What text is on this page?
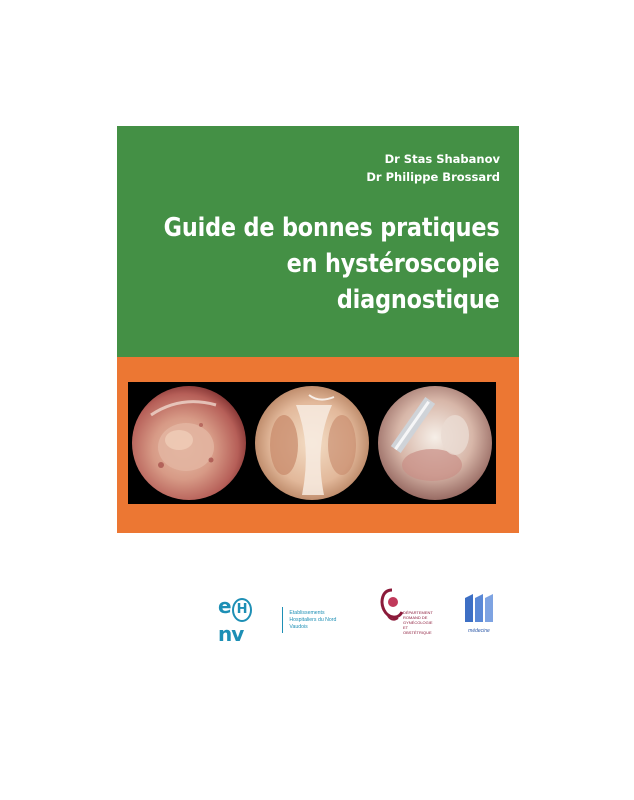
Dr Stas Shabanov
Dr Philippe Brossard
Guide de bonnes pratiques
en hystéroscopie
diagnostique
e Hnv
Etablissements Hospitaliers du Nord Vaudois
DÉPARTEMENT ROMAND DE GYNÉCOLOGIE ET OBSTÉTRIQUE	médecine
